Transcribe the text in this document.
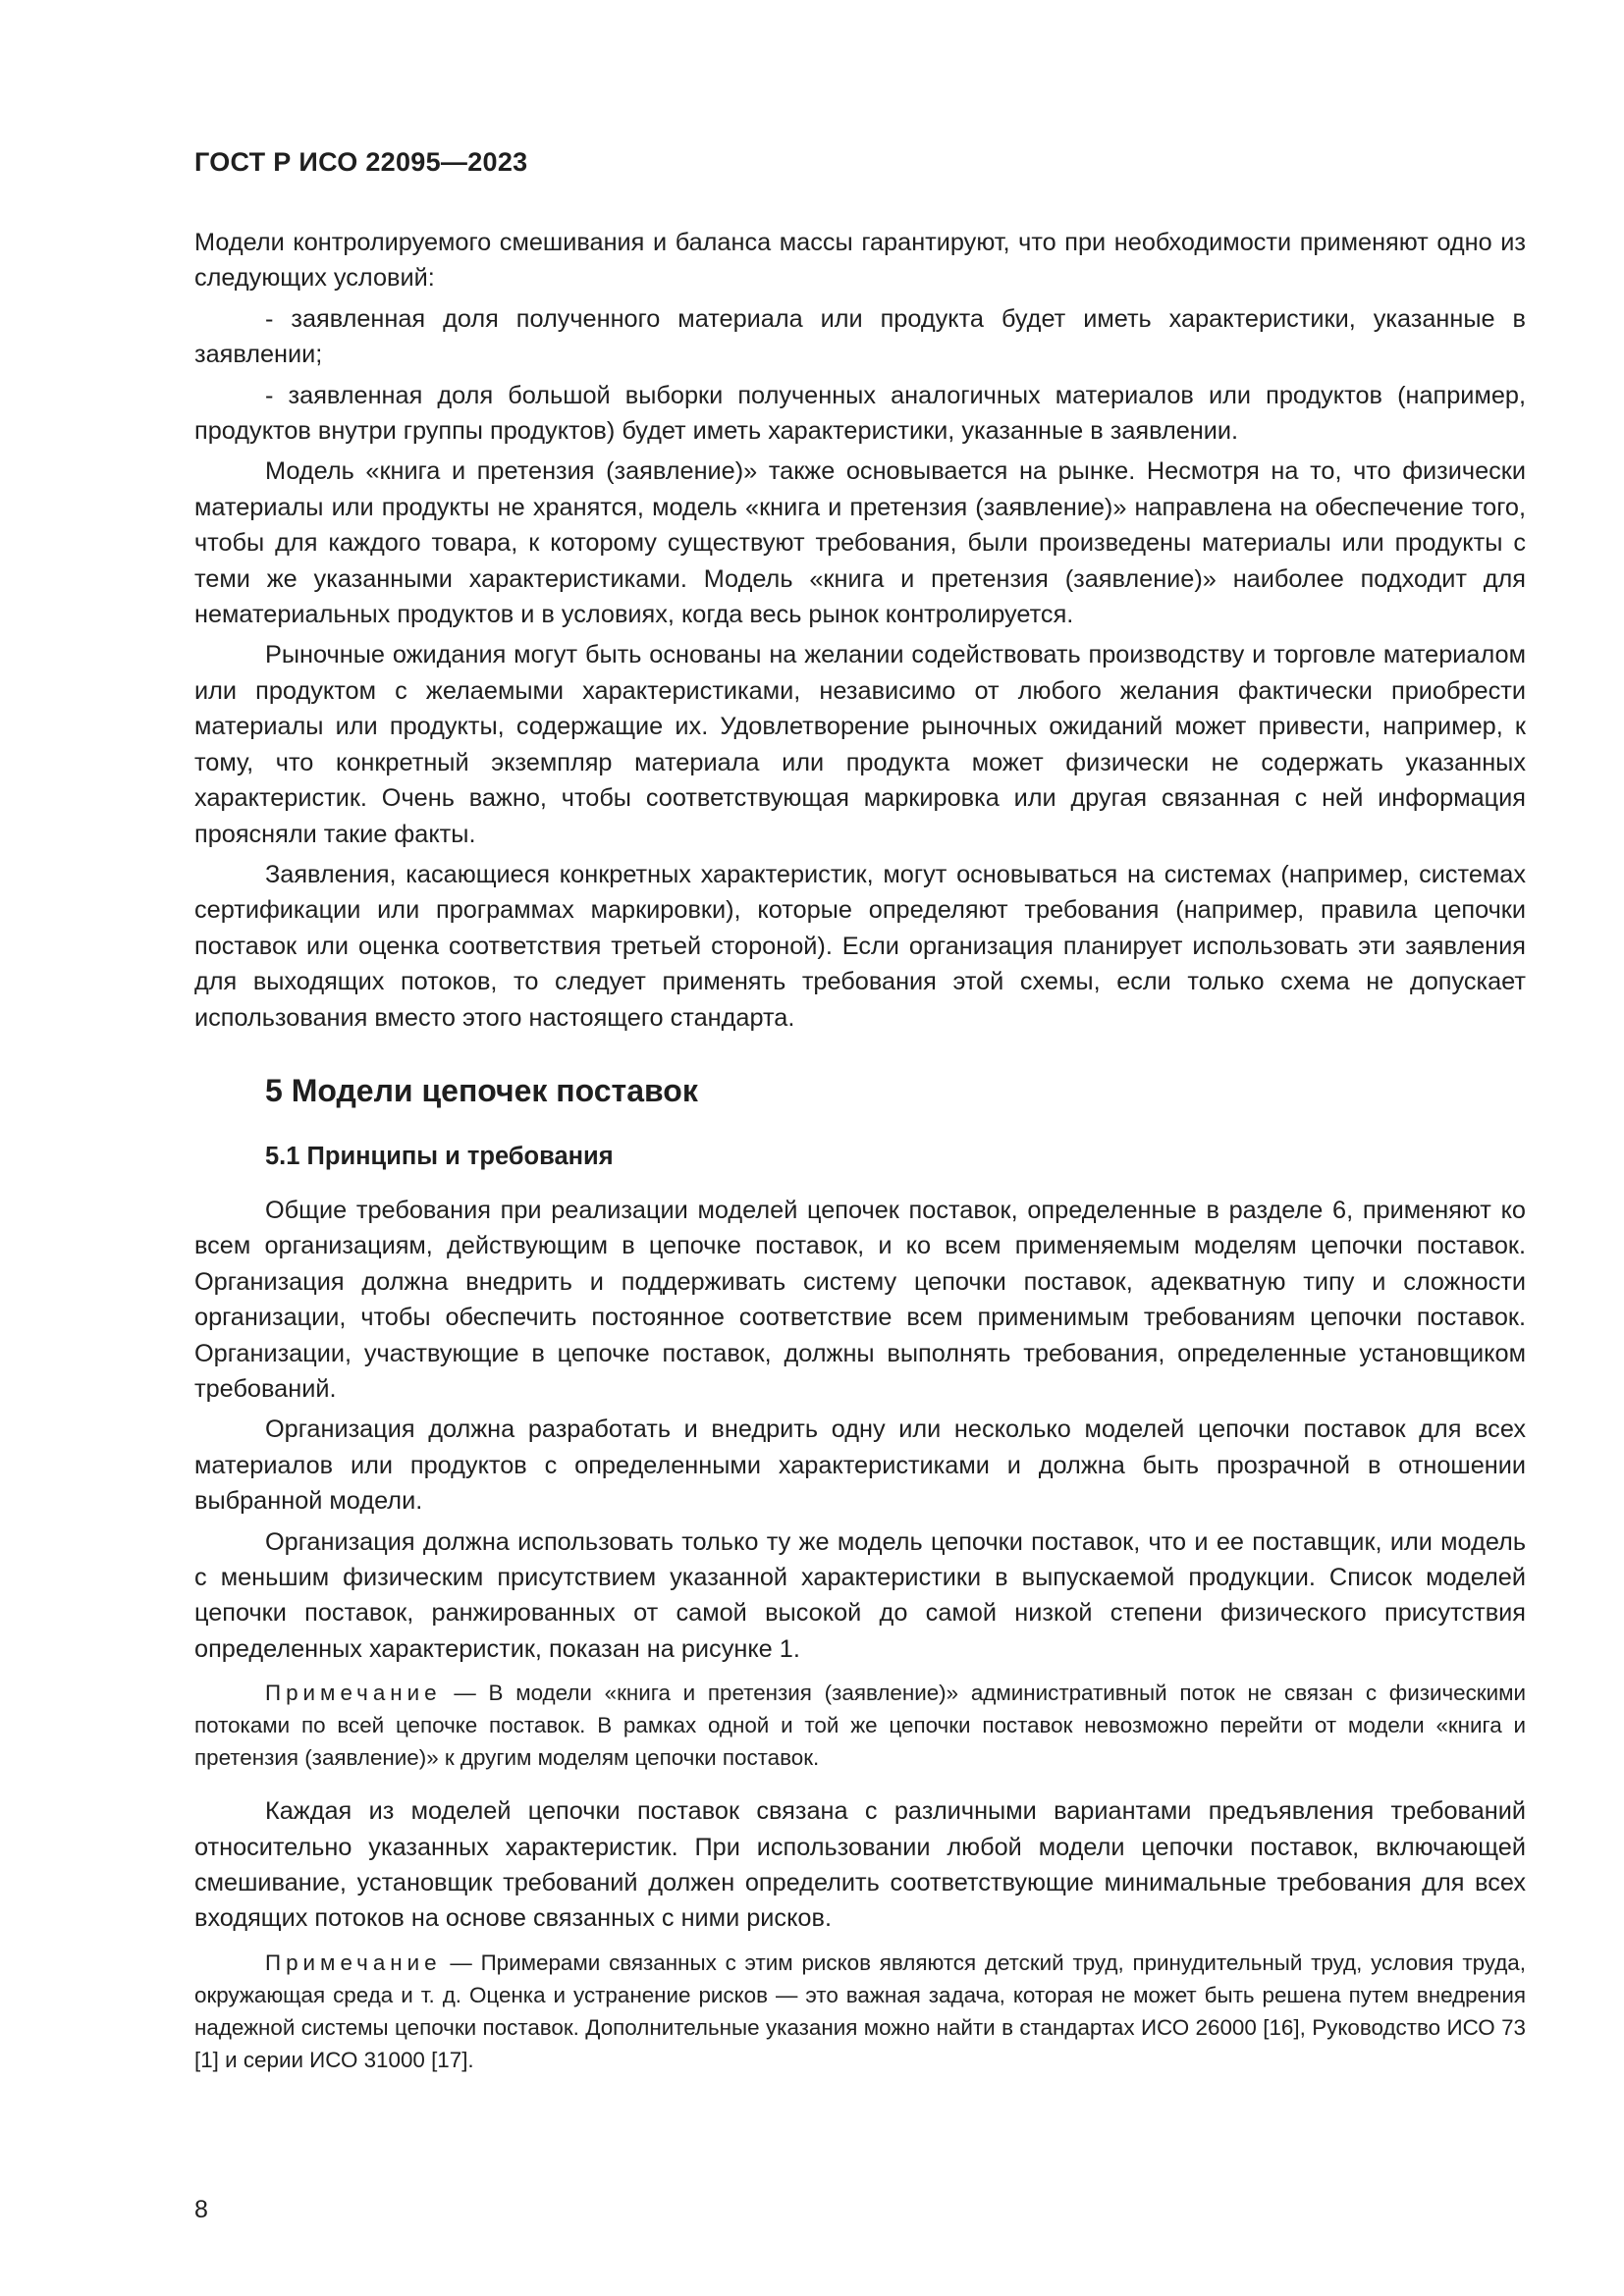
ГОСТ Р ИСО 22095—2023

Модели контролируемого смешивания и баланса массы гарантируют, что при необходимости применяют одно из следующих условий:

- заявленная доля полученного материала или продукта будет иметь характеристики, указанные в заявлении;

- заявленная доля большой выборки полученных аналогичных материалов или продуктов (например, продуктов внутри группы продуктов) будет иметь характеристики, указанные в заявлении.

Модель «книга и претензия (заявление)» также основывается на рынке. Несмотря на то, что физически материалы или продукты не хранятся, модель «книга и претензия (заявление)» направлена на обеспечение того, чтобы для каждого товара, к которому существуют требования, были произведены материалы или продукты с теми же указанными характеристиками. Модель «книга и претензия (заявление)» наиболее подходит для нематериальных продуктов и в условиях, когда весь рынок контролируется.

Рыночные ожидания могут быть основаны на желании содействовать производству и торговле материалом или продуктом с желаемыми характеристиками, независимо от любого желания фактически приобрести материалы или продукты, содержащие их. Удовлетворение рыночных ожиданий может привести, например, к тому, что конкретный экземпляр материала или продукта может физически не содержать указанных характеристик. Очень важно, чтобы соответствующая маркировка или другая связанная с ней информация проясняли такие факты.

Заявления, касающиеся конкретных характеристик, могут основываться на системах (например, системах сертификации или программах маркировки), которые определяют требования (например, правила цепочки поставок или оценка соответствия третьей стороной). Если организация планирует использовать эти заявления для выходящих потоков, то следует применять требования этой схемы, если только схема не допускает использования вместо этого настоящего стандарта.

5 Модели цепочек поставок
5.1 Принципы и требования

Общие требования при реализации моделей цепочек поставок, определенные в разделе 6, применяют ко всем организациям, действующим в цепочке поставок, и ко всем применяемым моделям цепочки поставок. Организация должна внедрить и поддерживать систему цепочки поставок, адекватную типу и сложности организации, чтобы обеспечить постоянное соответствие всем применимым требованиям цепочки поставок. Организации, участвующие в цепочке поставок, должны выполнять требования, определенные установщиком требований.

Организация должна разработать и внедрить одну или несколько моделей цепочки поставок для всех материалов или продуктов с определенными характеристиками и должна быть прозрачной в отношении выбранной модели.

Организация должна использовать только ту же модель цепочки поставок, что и ее поставщик, или модель с меньшим физическим присутствием указанной характеристики в выпускаемой продукции. Список моделей цепочки поставок, ранжированных от самой высокой до самой низкой степени физического присутствия определенных характеристик, показан на рисунке 1.

Примечание — В модели «книга и претензия (заявление)» административный поток не связан с физическими потоками по всей цепочке поставок. В рамках одной и той же цепочки поставок невозможно перейти от модели «книга и претензия (заявление)» к другим моделям цепочки поставок.

Каждая из моделей цепочки поставок связана с различными вариантами предъявления требований относительно указанных характеристик. При использовании любой модели цепочки поставок, включающей смешивание, установщик требований должен определить соответствующие минимальные требования для всех входящих потоков на основе связанных с ними рисков.

Примечание — Примерами связанных с этим рисков являются детский труд, принудительный труд, условия труда, окружающая среда и т. д. Оценка и устранение рисков — это важная задача, которая не может быть решена путем внедрения надежной системы цепочки поставок. Дополнительные указания можно найти в стандартах ИСО 26000 [16], Руководство ИСО 73 [1] и серии ИСО 31000 [17].
8
